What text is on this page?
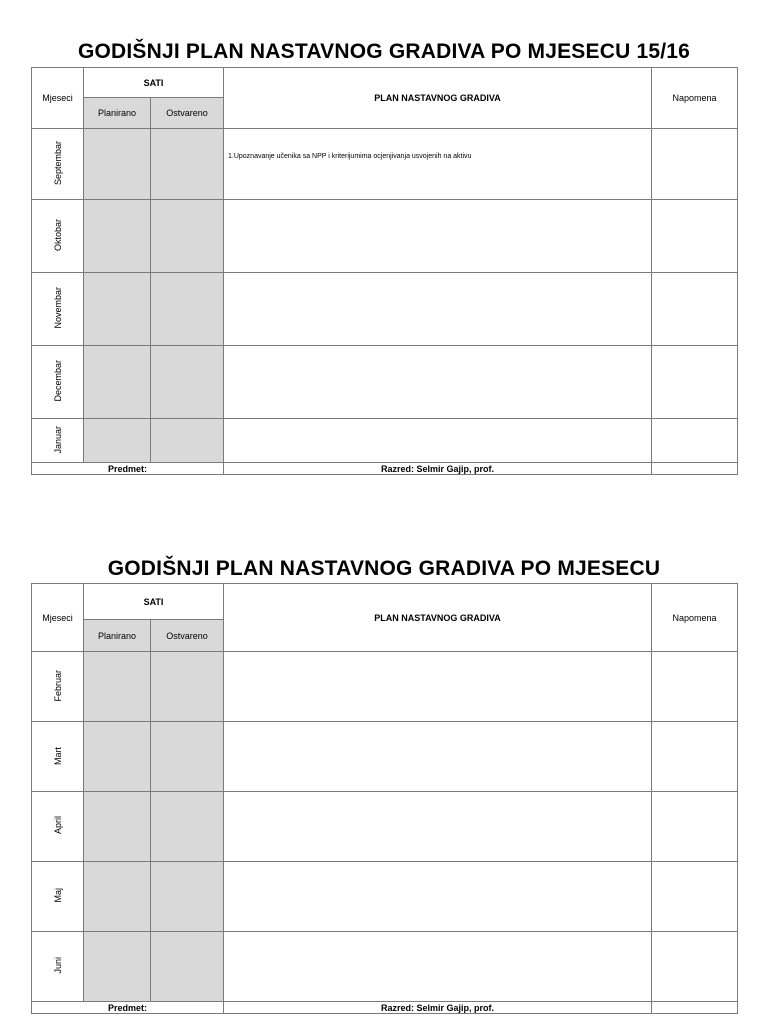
GODIŠNJI PLAN NASTAVNOG GRADIVA PO MJESECU 15/16
Mjeseci	SATI		PLAN NASTAVNOG GRADIVA	Napomena
	Planirano	Ostvareno		
Septembar			1.Upoznavanje učenika sa NPP i kriterijumima ocjenjivanja usvojenih na aktivu	

Oktobar			

Novembar			

Decembar			

Januar			

Predmet:			Razred: Selmir Gajip, prof.	
GODIŠNJI PLAN NASTAVNOG GRADIVA PO MJESECU
Mjeseci	SATI		PLAN NASTAVNOG GRADIVA	Napomena
	Planirano	Ostvareno		
Februar			

Mart			

April			

Maj			

Juni			

Predmet:			Razred: Selmir Gajip, prof.	
